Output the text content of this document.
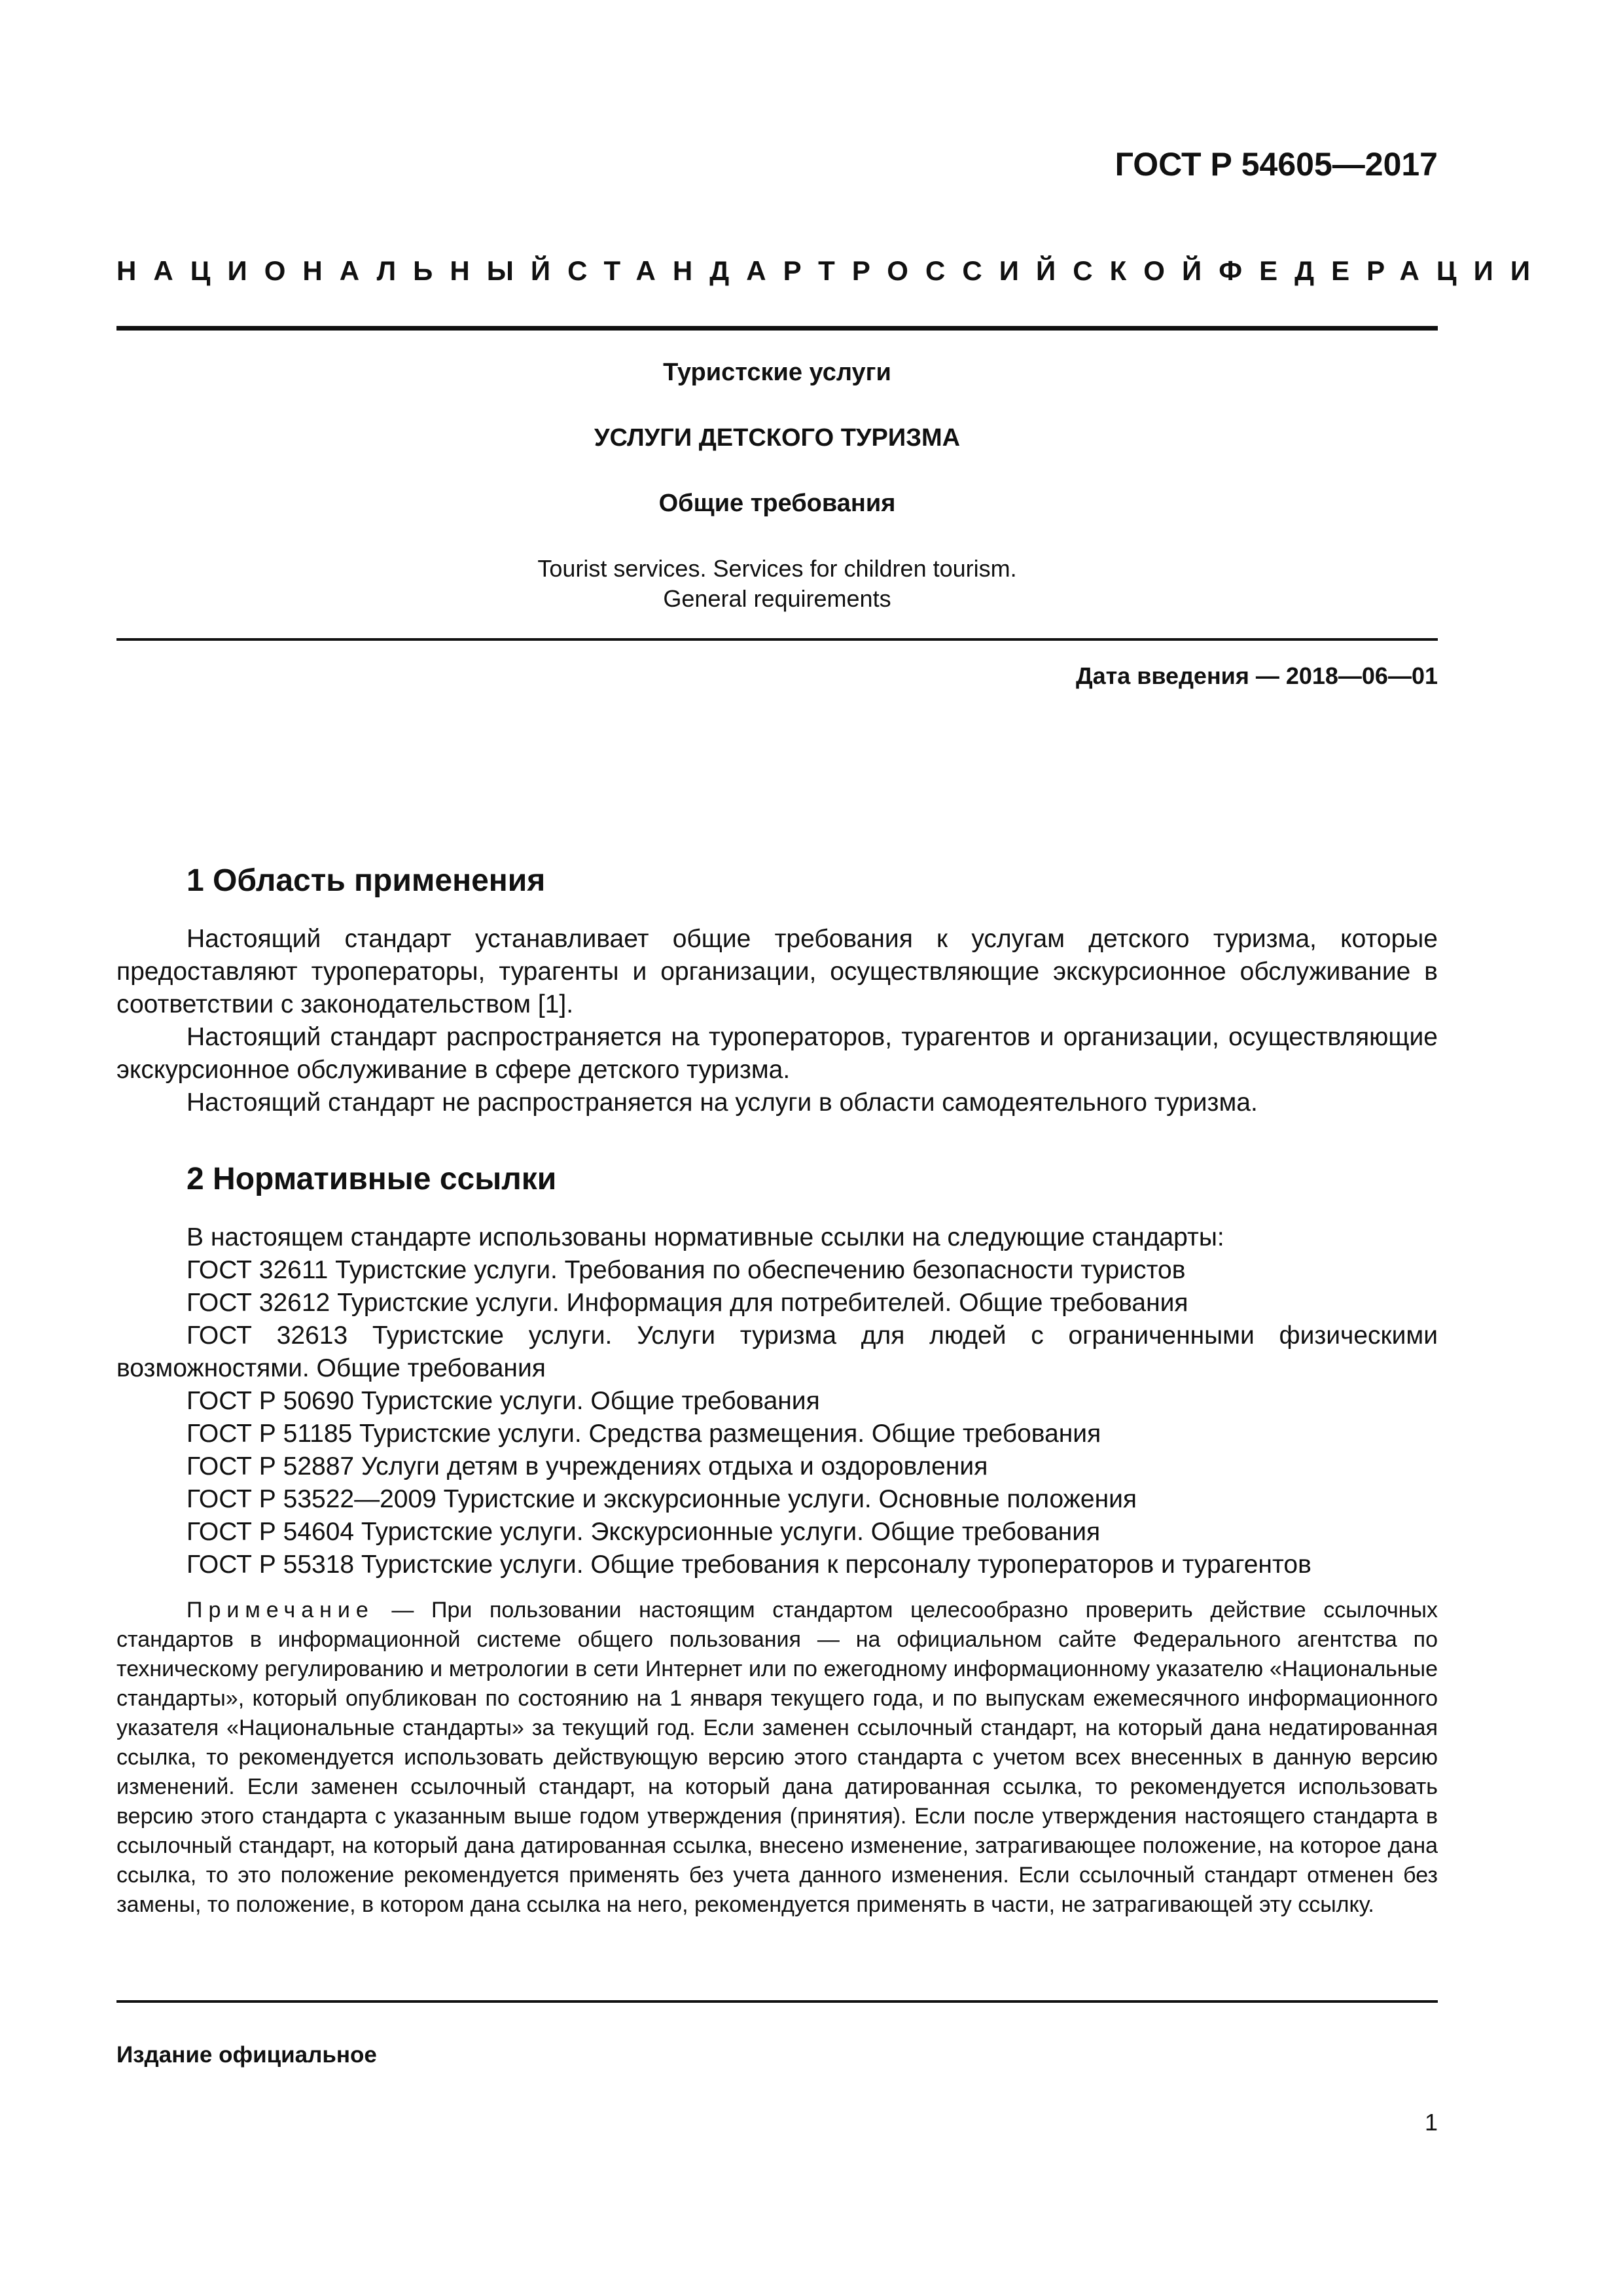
ГОСТ Р 54605—2017
НАЦИОНАЛЬНЫЙ СТАНДАРТ РОССИЙСКОЙ ФЕДЕРАЦИИ
Туристские услуги
УСЛУГИ ДЕТСКОГО ТУРИЗМА
Общие требования
Tourist services. Services for children tourism.
General requirements
Дата введения — 2018—06—01
1 Область применения

Настоящий стандарт устанавливает общие требования к услугам детского туризма, которые предоставляют туроператоры, турагенты и организации, осуществляющие экскурсионное обслуживание в соответствии с законодательством [1].

Настоящий стандарт распространяется на туроператоров, турагентов и организации, осуществляющие экскурсионное обслуживание в сфере детского туризма.

Настоящий стандарт не распространяется на услуги в области самодеятельного туризма.

2 Нормативные ссылки

В настоящем стандарте использованы нормативные ссылки на следующие стандарты:

ГОСТ 32611 Туристские услуги. Требования по обеспечению безопасности туристов

ГОСТ 32612 Туристские услуги. Информация для потребителей. Общие требования

ГОСТ 32613 Туристские услуги. Услуги туризма для людей с ограниченными физическими возможностями. Общие требования

ГОСТ Р 50690 Туристские услуги. Общие требования

ГОСТ Р 51185 Туристские услуги. Средства размещения. Общие требования

ГОСТ Р 52887 Услуги детям в учреждениях отдыха и оздоровления

ГОСТ Р 53522—2009 Туристские и экскурсионные услуги. Основные положения

ГОСТ Р 54604 Туристские услуги. Экскурсионные услуги. Общие требования

ГОСТ Р 55318 Туристские услуги. Общие требования к персоналу туроператоров и турагентов

Примечание — При пользовании настоящим стандартом целесообразно проверить действие ссылочных стандартов в информационной системе общего пользования — на официальном сайте Федерального агентства по техническому регулированию и метрологии в сети Интернет или по ежегодному информационному указателю «Национальные стандарты», который опубликован по состоянию на 1 января текущего года, и по выпускам ежемесячного информационного указателя «Национальные стандарты» за текущий год. Если заменен ссылочный стандарт, на который дана недатированная ссылка, то рекомендуется использовать действующую версию этого стандарта с учетом всех внесенных в данную версию изменений. Если заменен ссылочный стандарт, на который дана датированная ссылка, то рекомендуется использовать версию этого стандарта с указанным выше годом утверждения (принятия). Если после утверждения настоящего стандарта в ссылочный стандарт, на который дана датированная ссылка, внесено изменение, затрагивающее положение, на которое дана ссылка, то это положение рекомендуется применять без учета данного изменения. Если ссылочный стандарт отменен без замены, то положение, в котором дана ссылка на него, рекомендуется применять в части, не затрагивающей эту ссылку.

Издание официальное
1
